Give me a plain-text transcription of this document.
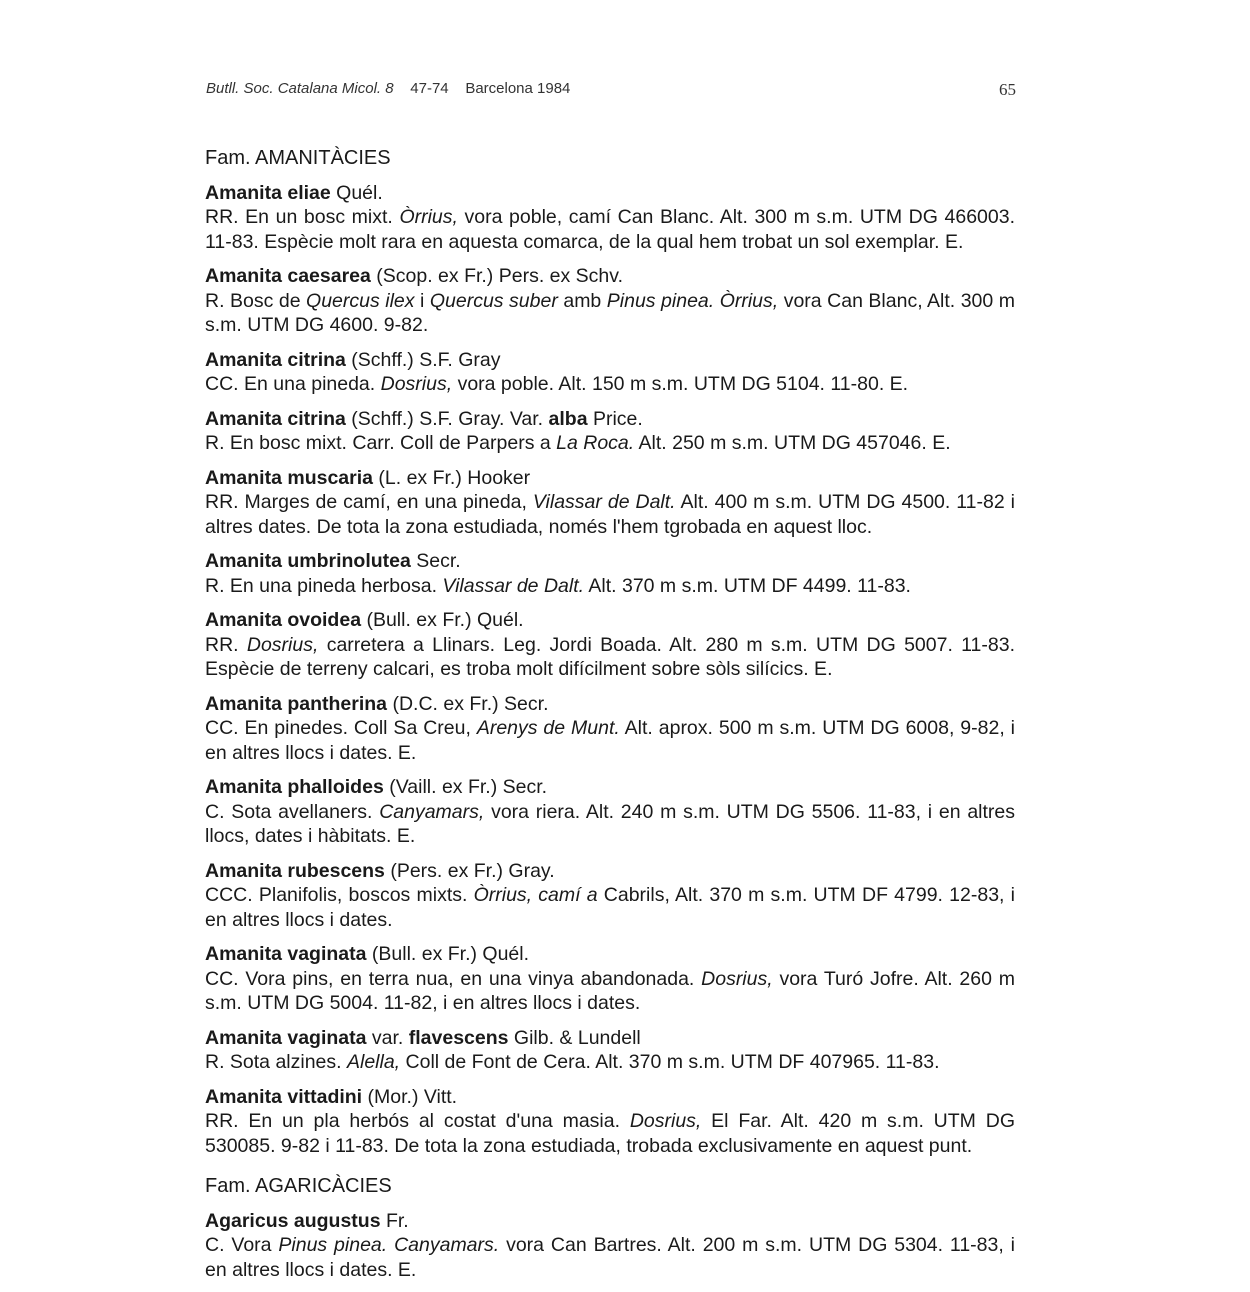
Butll. Soc. Catalana Micol. 8 47-74 Barcelona 1984	65
Fam. AMANITÀCIES
Amanita eliae Quél.
RR. En un bosc mixt. Òrrius, vora poble, camí Can Blanc. Alt. 300 m s.m. UTM DG 466003. 11-83. Espècie molt rara en aquesta comarca, de la qual hem trobat un sol exemplar. E.
Amanita caesarea (Scop. ex Fr.) Pers. ex Schv.
R. Bosc de Quercus ilex i Quercus suber amb Pinus pinea. Òrrius, vora Can Blanc, Alt. 300 m s.m. UTM DG 4600. 9-82.
Amanita citrina (Schff.) S.F. Gray
CC. En una pineda. Dosrius, vora poble. Alt. 150 m s.m. UTM DG 5104. 11-80. E.
Amanita citrina (Schff.) S.F. Gray. Var. alba Price.
R. En bosc mixt. Carr. Coll de Parpers a La Roca. Alt. 250 m s.m. UTM DG 457046. E.
Amanita muscaria (L. ex Fr.) Hooker
RR. Marges de camí, en una pineda, Vilassar de Dalt. Alt. 400 m s.m. UTM DG 4500. 11-82 i altres dates. De tota la zona estudiada, només l'hem tgrobada en aquest lloc.
Amanita umbrinolutea Secr.
R. En una pineda herbosa. Vilassar de Dalt. Alt. 370 m s.m. UTM DF 4499. 11-83.
Amanita ovoidea (Bull. ex Fr.) Quél.
RR. Dosrius, carretera a Llinars. Leg. Jordi Boada. Alt. 280 m s.m. UTM DG 5007. 11-83. Espècie de terreny calcari, es troba molt difícilment sobre sòls silícics. E.
Amanita pantherina (D.C. ex Fr.) Secr.
CC. En pinedes. Coll Sa Creu, Arenys de Munt. Alt. aprox. 500 m s.m. UTM DG 6008, 9-82, i en altres llocs i dates. E.
Amanita phalloides (Vaill. ex Fr.) Secr.
C. Sota avellaners. Canyamars, vora riera. Alt. 240 m s.m. UTM DG 5506. 11-83, i en altres llocs, dates i hàbitats. E.
Amanita rubescens (Pers. ex Fr.) Gray.
CCC. Planifolis, boscos mixts. Òrrius, camí a Cabrils, Alt. 370 m s.m. UTM DF 4799. 12-83, i en altres llocs i dates.
Amanita vaginata (Bull. ex Fr.) Quél.
CC. Vora pins, en terra nua, en una vinya abandonada. Dosrius, vora Turó Jofre. Alt. 260 m s.m. UTM DG 5004. 11-82, i en altres llocs i dates.
Amanita vaginata var. flavescens Gilb. & Lundell
R. Sota alzines. Alella, Coll de Font de Cera. Alt. 370 m s.m. UTM DF 407965. 11-83.
Amanita vittadini (Mor.) Vitt.
RR. En un pla herbós al costat d'una masia. Dosrius, El Far. Alt. 420 m s.m. UTM DG 530085. 9-82 i 11-83. De tota la zona estudiada, trobada exclusivamente en aquest punt.
Fam. AGARICÀCIES
Agaricus augustus Fr.
C. Vora Pinus pinea. Canyamars. vora Can Bartres. Alt. 200 m s.m. UTM DG 5304. 11-83, i en altres llocs i dates. E.
